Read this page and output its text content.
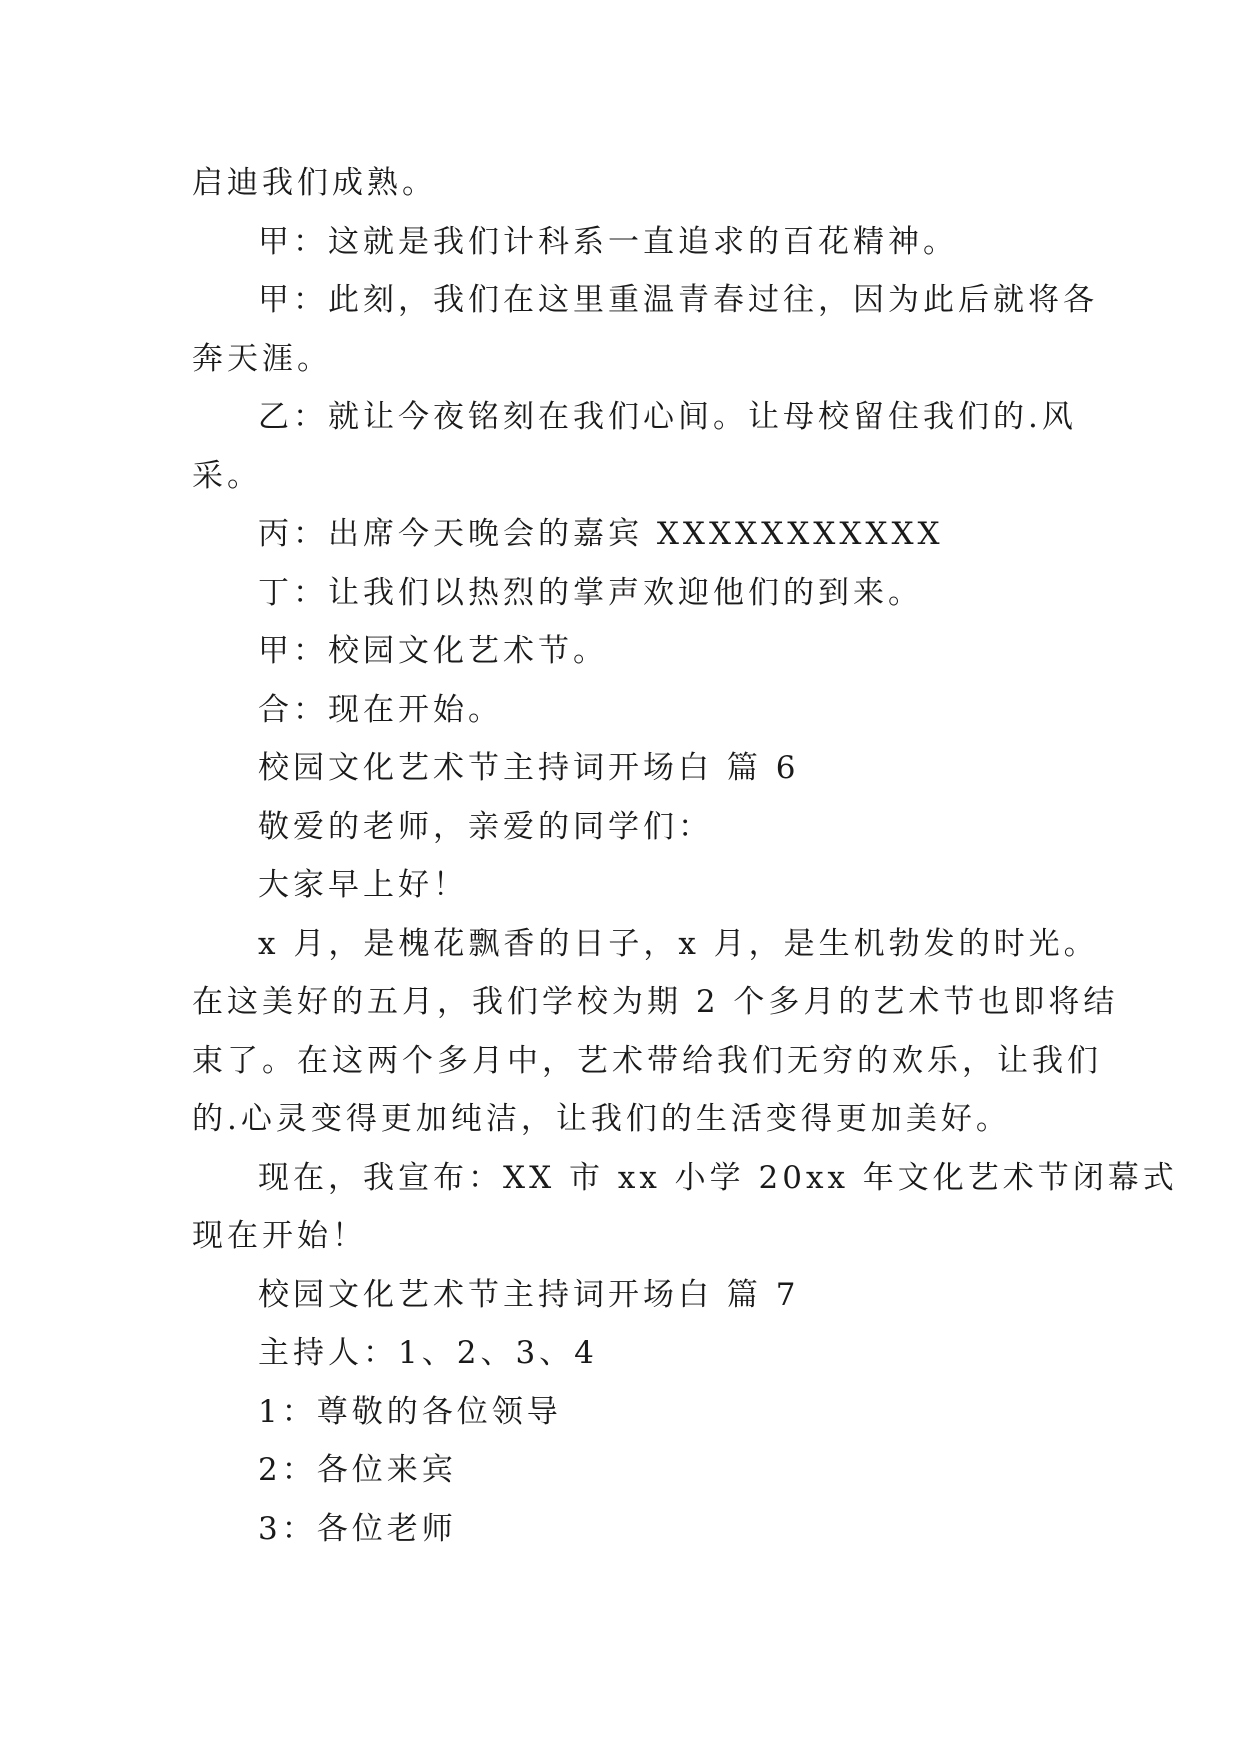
启迪我们成熟。
甲：这就是我们计科系一直追求的百花精神。
甲：此刻，我们在这里重温青春过往，因为此后就将各
奔天涯。
乙：就让今夜铭刻在我们心间。让母校留住我们的.风
采。
丙：出席今天晚会的嘉宾 XXXXXXXXXXX
丁：让我们以热烈的掌声欢迎他们的到来。
甲：校园文化艺术节。
合：现在开始。
校园文化艺术节主持词开场白 篇 6
敬爱的老师，亲爱的同学们：
大家早上好！
x 月，是槐花飘香的日子，x 月，是生机勃发的时光。
在这美好的五月，我们学校为期 2 个多月的艺术节也即将结
束了。在这两个多月中，艺术带给我们无穷的欢乐，让我们
的.心灵变得更加纯洁，让我们的生活变得更加美好。
现在，我宣布：XX 市 xx 小学 20xx 年文化艺术节闭幕式
现在开始！
校园文化艺术节主持词开场白 篇 7
主持人：1、2、3、4
1：尊敬的各位领导
2：各位来宾
3：各位老师
